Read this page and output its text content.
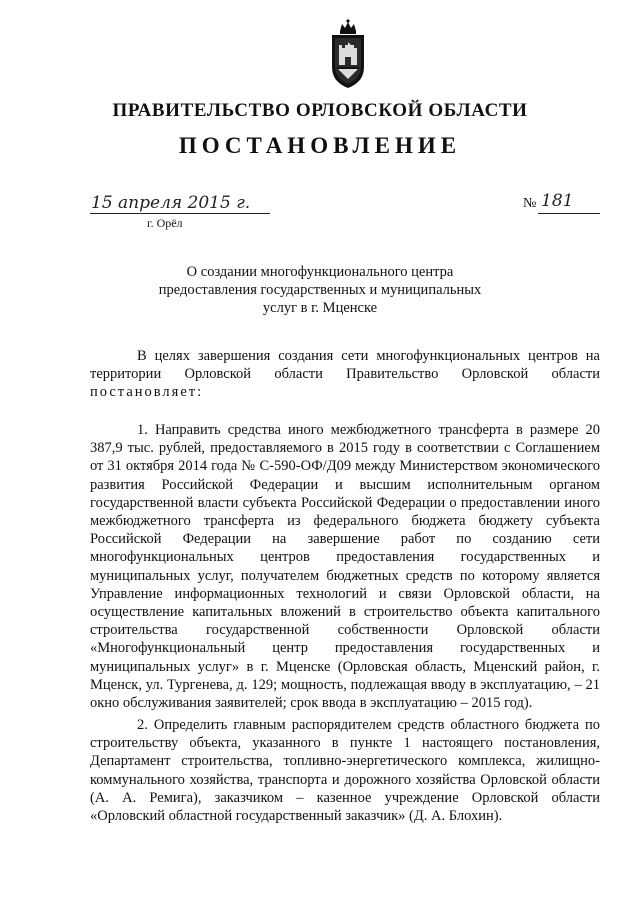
ПРАВИТЕЛЬСТВО ОРЛОВСКОЙ ОБЛАСТИ
ПОСТАНОВЛЕНИЕ
15 апреля 2015 г.
г. Орёл
№ 181
О создании многофункционального центра
предоставления государственных и муниципальных
услуг в г. Мценске
В целях завершения создания сети многофункциональных центров на территории Орловской области Правительство Орловской области постановляет:
1. Направить средства иного межбюджетного трансферта в размере 20 387,9 тыс. рублей, предоставляемого в 2015 году в соответствии с Соглашением от 31 октября 2014 года № С-590-ОФ/Д09 между Министерством экономического развития Российской Федерации и высшим исполнительным органом государственной власти субъекта Российской Федерации о предоставлении иного межбюджетного трансферта из федерального бюджета бюджету субъекта Российской Федерации на завершение работ по созданию сети многофункциональных центров предоставления государственных и муниципальных услуг, получателем бюджетных средств по которому является Управление информационных технологий и связи Орловской области, на осуществление капитальных вложений в строительство объекта капитального строительства государственной собственности Орловской области «Многофункциональный центр предоставления государственных и муниципальных услуг» в г. Мценске (Орловская область, Мценский район, г. Мценск, ул. Тургенева, д. 129; мощность, подлежащая вводу в эксплуатацию, – 21 окно обслуживания заявителей; срок ввода в эксплуатацию – 2015 год).
2. Определить главным распорядителем средств областного бюджета по строительству объекта, указанного в пункте 1 настоящего постановления, Департамент строительства, топливно-энергетического комплекса, жилищно-коммунального хозяйства, транспорта и дорожного хозяйства Орловской области (А. А. Ремига), заказчиком – казенное учреждение Орловской области «Орловский областной государственный заказчик» (Д. А. Блохин).
